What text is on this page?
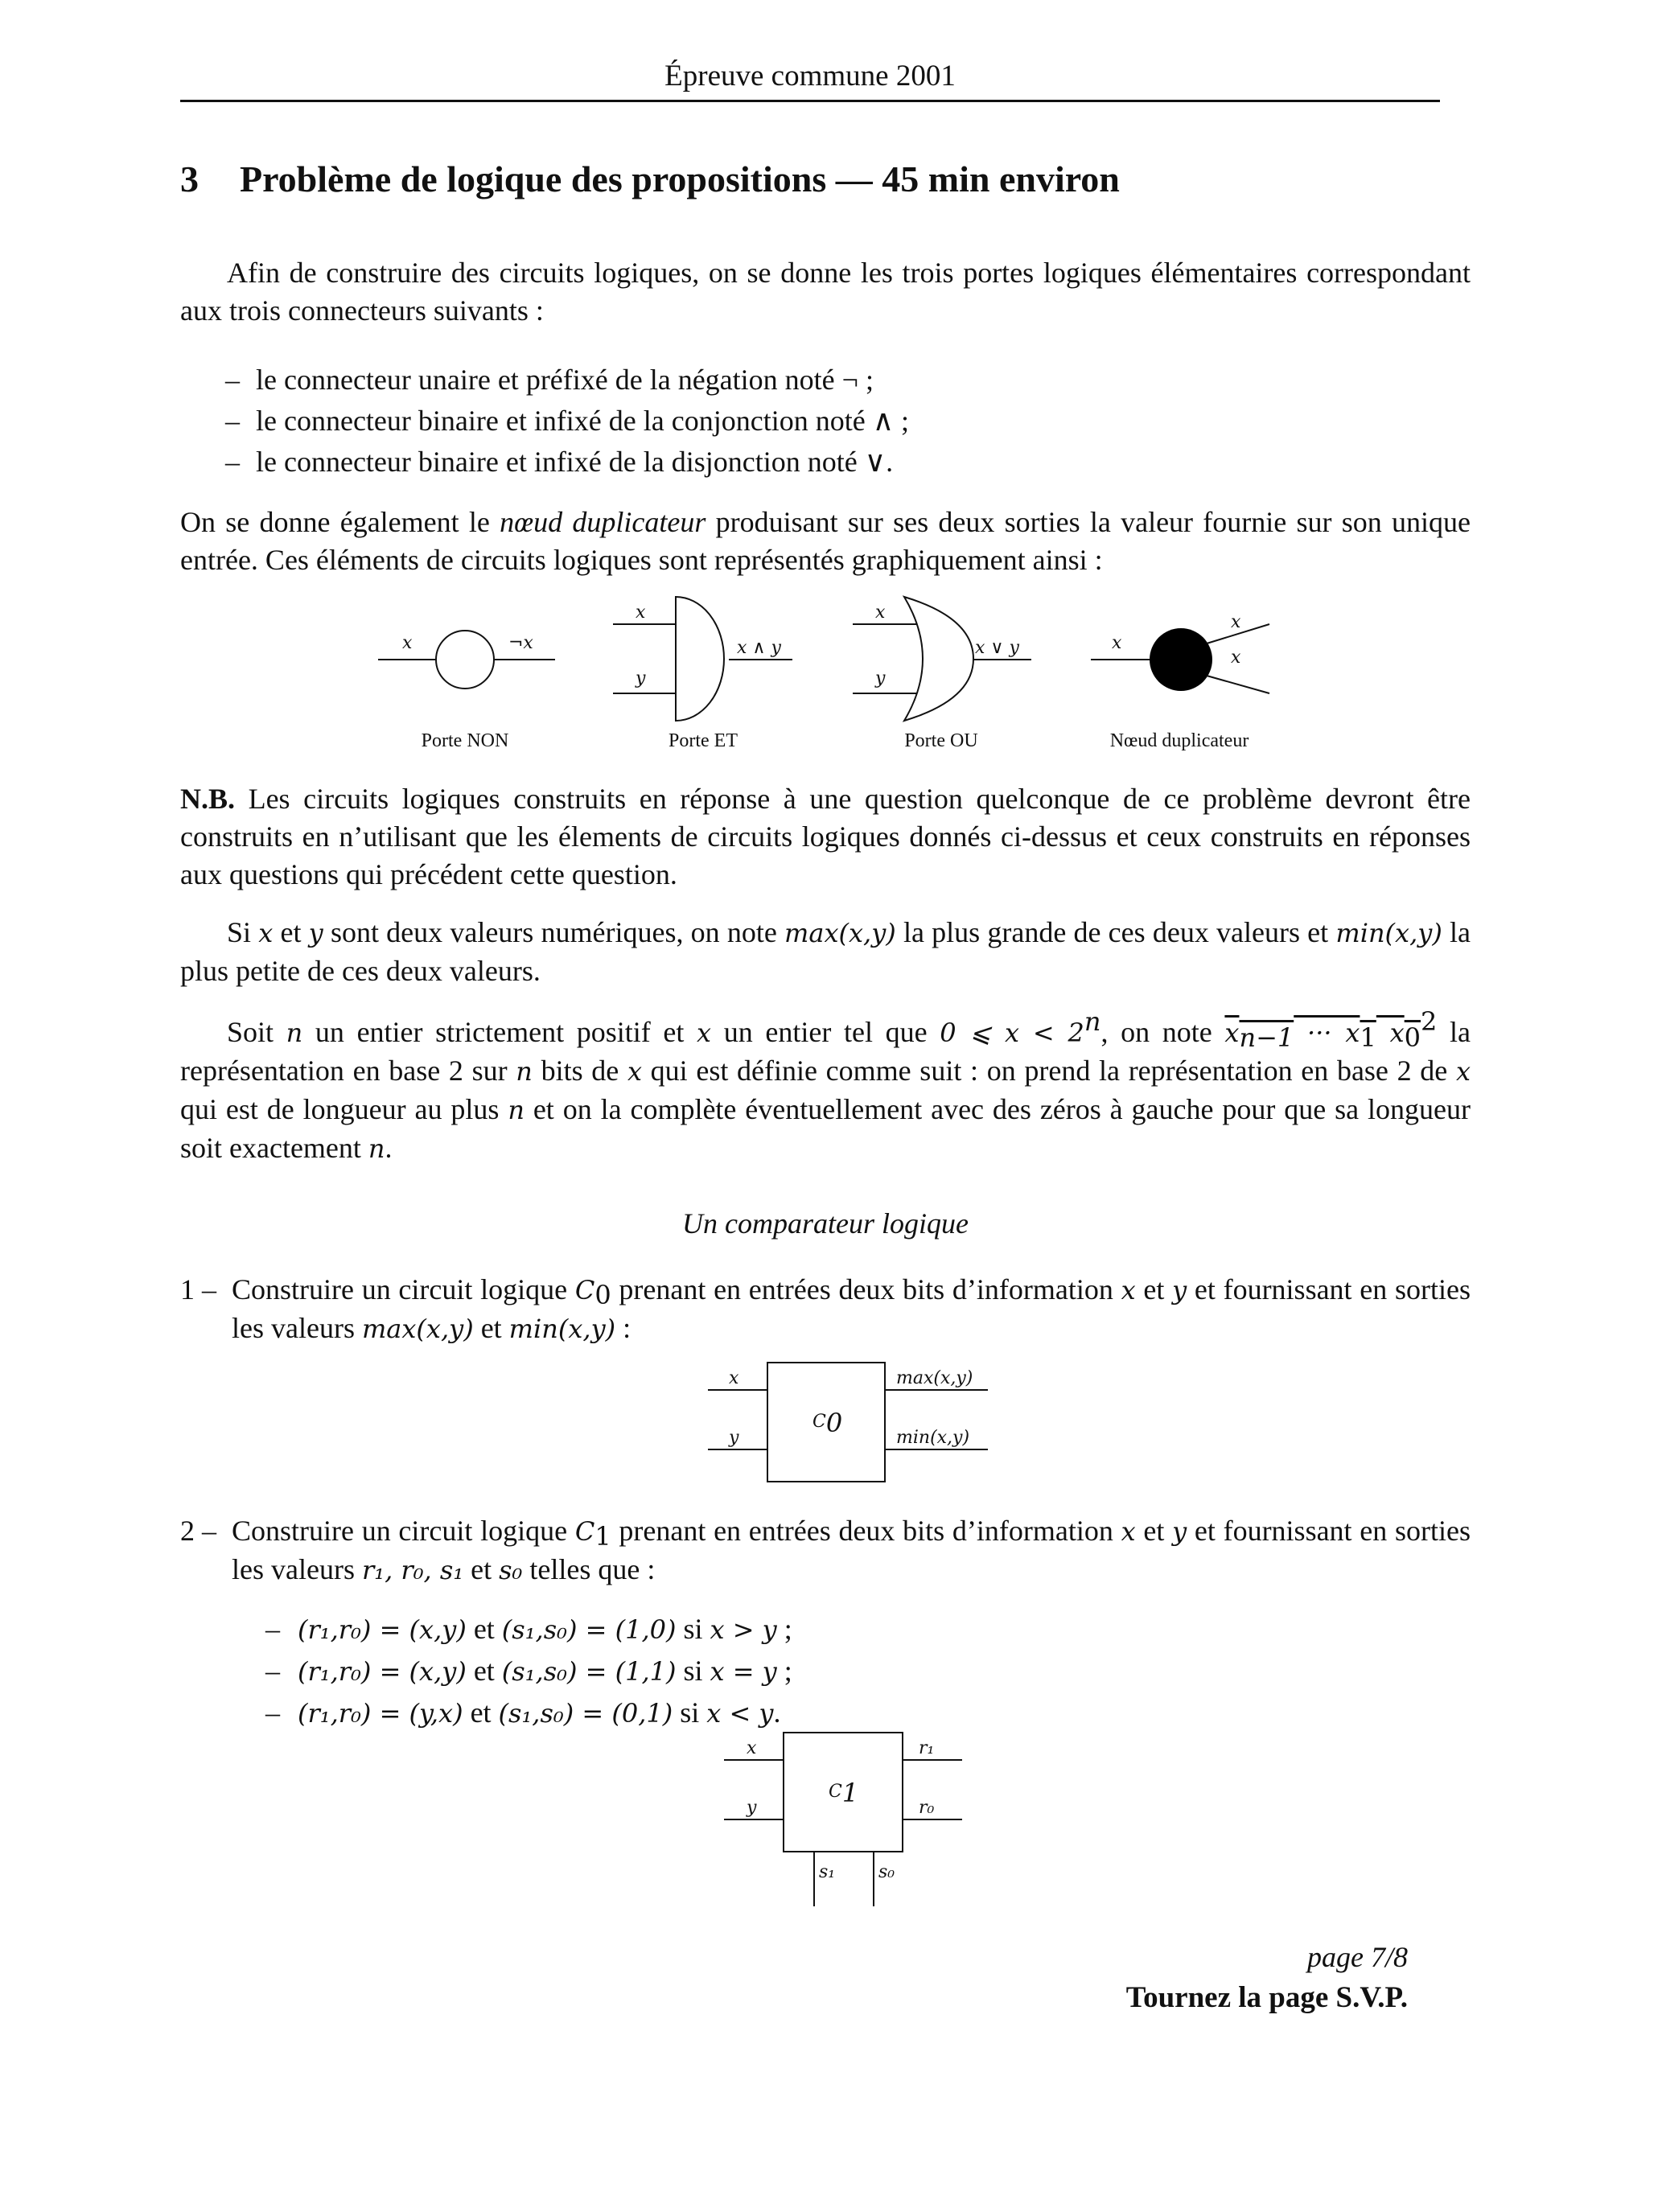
Épreuve commune 2001
3 Problème de logique des propositions — 45 min environ
Afin de construire des circuits logiques, on se donne les trois portes logiques élémentaires correspondant aux trois connecteurs suivants :
– le connecteur unaire et préfixé de la négation noté ¬ ;
– le connecteur binaire et infixé de la conjonction noté ∧ ;
– le connecteur binaire et infixé de la disjonction noté ∨.
On se donne également le nœud duplicateur produisant sur ses deux sorties la valeur fournie sur son unique entrée. Ces éléments de circuits logiques sont représentés graphiquement ainsi :
x	¬x
Porte NON
x
y
x ∧ y
Porte ET
x
y
x ∨ y
Porte OU
x
x
x
Nœud duplicateur
N.B. Les circuits logiques construits en réponse à une question quelconque de ce problème devront être construits en n’utilisant que les élements de circuits logiques donnés ci-dessus et ceux construits en réponses aux questions qui précédent cette question.
Si x et y sont deux valeurs numériques, on note max(x,y) la plus grande de ces deux valeurs et min(x,y) la plus petite de ces deux valeurs.
Soit n un entier strictement positif et x un entier tel que 0 ⩽ $x < 2^n$, on note $x_{n-1}$ ··· $x_1$ $x_0^2$ la représentation en base 2 sur n bits de x qui est définie comme suit : on prend la représentation en base 2 de x qui est de longueur au plus n et on la complète éventuellement avec des zéros à gauche pour que sa longueur soit exactement n.
Un comparateur logique
1 – Construire un circuit logique $C_0$ prenant en entrées deux bits d’information x et y et fournissant en sorties les valeurs max(x,y) et min(x,y) :
x
y
C0
max(x,y)
min(x,y)
2 – Construire un circuit logique $C_1$ prenant en entrées deux bits d’information x et y et fournissant en sorties les valeurs r₁, r₀, s₁ et s₀ telles que :
– (r₁,r₀) = (x,y) et (s₁,s₀) = (1,0) si x > y ;
– (r₁,r₀) = (x,y) et (s₁,s₀) = (1,1) si x = y ;
– (r₁,r₀) = (y,x) et (s₁,s₀) = (0,1) si x < y.
x
y
C1
r₁
r₀
s₁ s₀
page 7/8
Tournez la page S.V.P.
